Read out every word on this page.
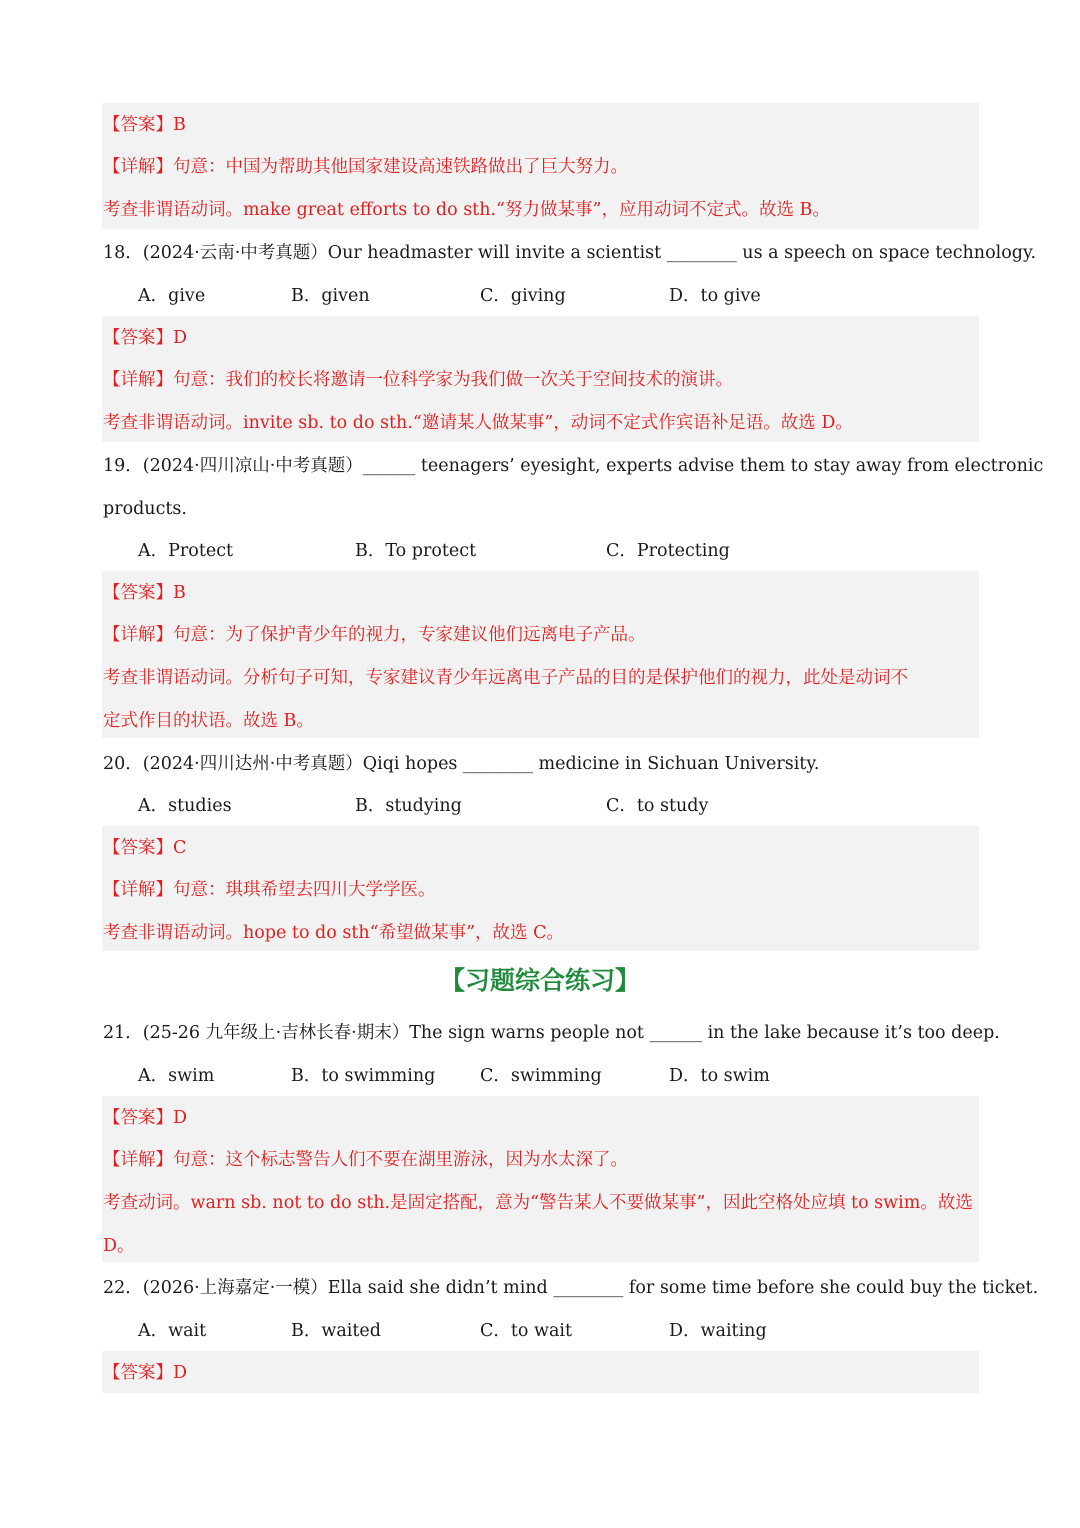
【答案】B
【详解】句意：中国为帮助其他国家建设高速铁路做出了巨大努力。
考查非谓语动词。make great efforts to do sth.“努力做某事”，应用动词不定式。故选 B。
18．(2024·云南·中考真题）Our headmaster will invite a scientist ________ us a speech on space technology.
A．give	B．given	C．giving	D．to give
【答案】D
【详解】句意：我们的校长将邀请一位科学家为我们做一次关于空间技术的演讲。
考查非谓语动词。invite sb. to do sth.“邀请某人做某事”，动词不定式作宾语补足语。故选 D。
19．(2024·四川凉山·中考真题）______ teenagers’ eyesight, experts advise them to stay away from electronic
products.
A．Protect	B．To protect	C．Protecting
【答案】B
【详解】句意：为了保护青少年的视力，专家建议他们远离电子产品。
考查非谓语动词。分析句子可知，专家建议青少年远离电子产品的目的是保护他们的视力，此处是动词不
定式作目的状语。故选 B。
20．(2024·四川达州·中考真题）Qiqi hopes ________ medicine in Sichuan University.
A．studies	B．studying	C．to study
【答案】C
【详解】句意：琪琪希望去四川大学学医。
考查非谓语动词。hope to do sth“希望做某事”，故选 C。
【习题综合练习】
21．(25-26 九年级上·吉林长春·期末）The sign warns people not ______ in the lake because it’s too deep.
A．swim	B．to swimming	C．swimming	D．to swim
【答案】D
【详解】句意：这个标志警告人们不要在湖里游泳，因为水太深了。
考查动词。warn sb. not to do sth.是固定搭配，意为“警告某人不要做某事”，因此空格处应填 to swim。故选
D。
22．(2026·上海嘉定·一模）Ella said she didn’t mind ________ for some time before she could buy the ticket.
A．wait	B．waited	C．to wait	D．waiting
【答案】D
